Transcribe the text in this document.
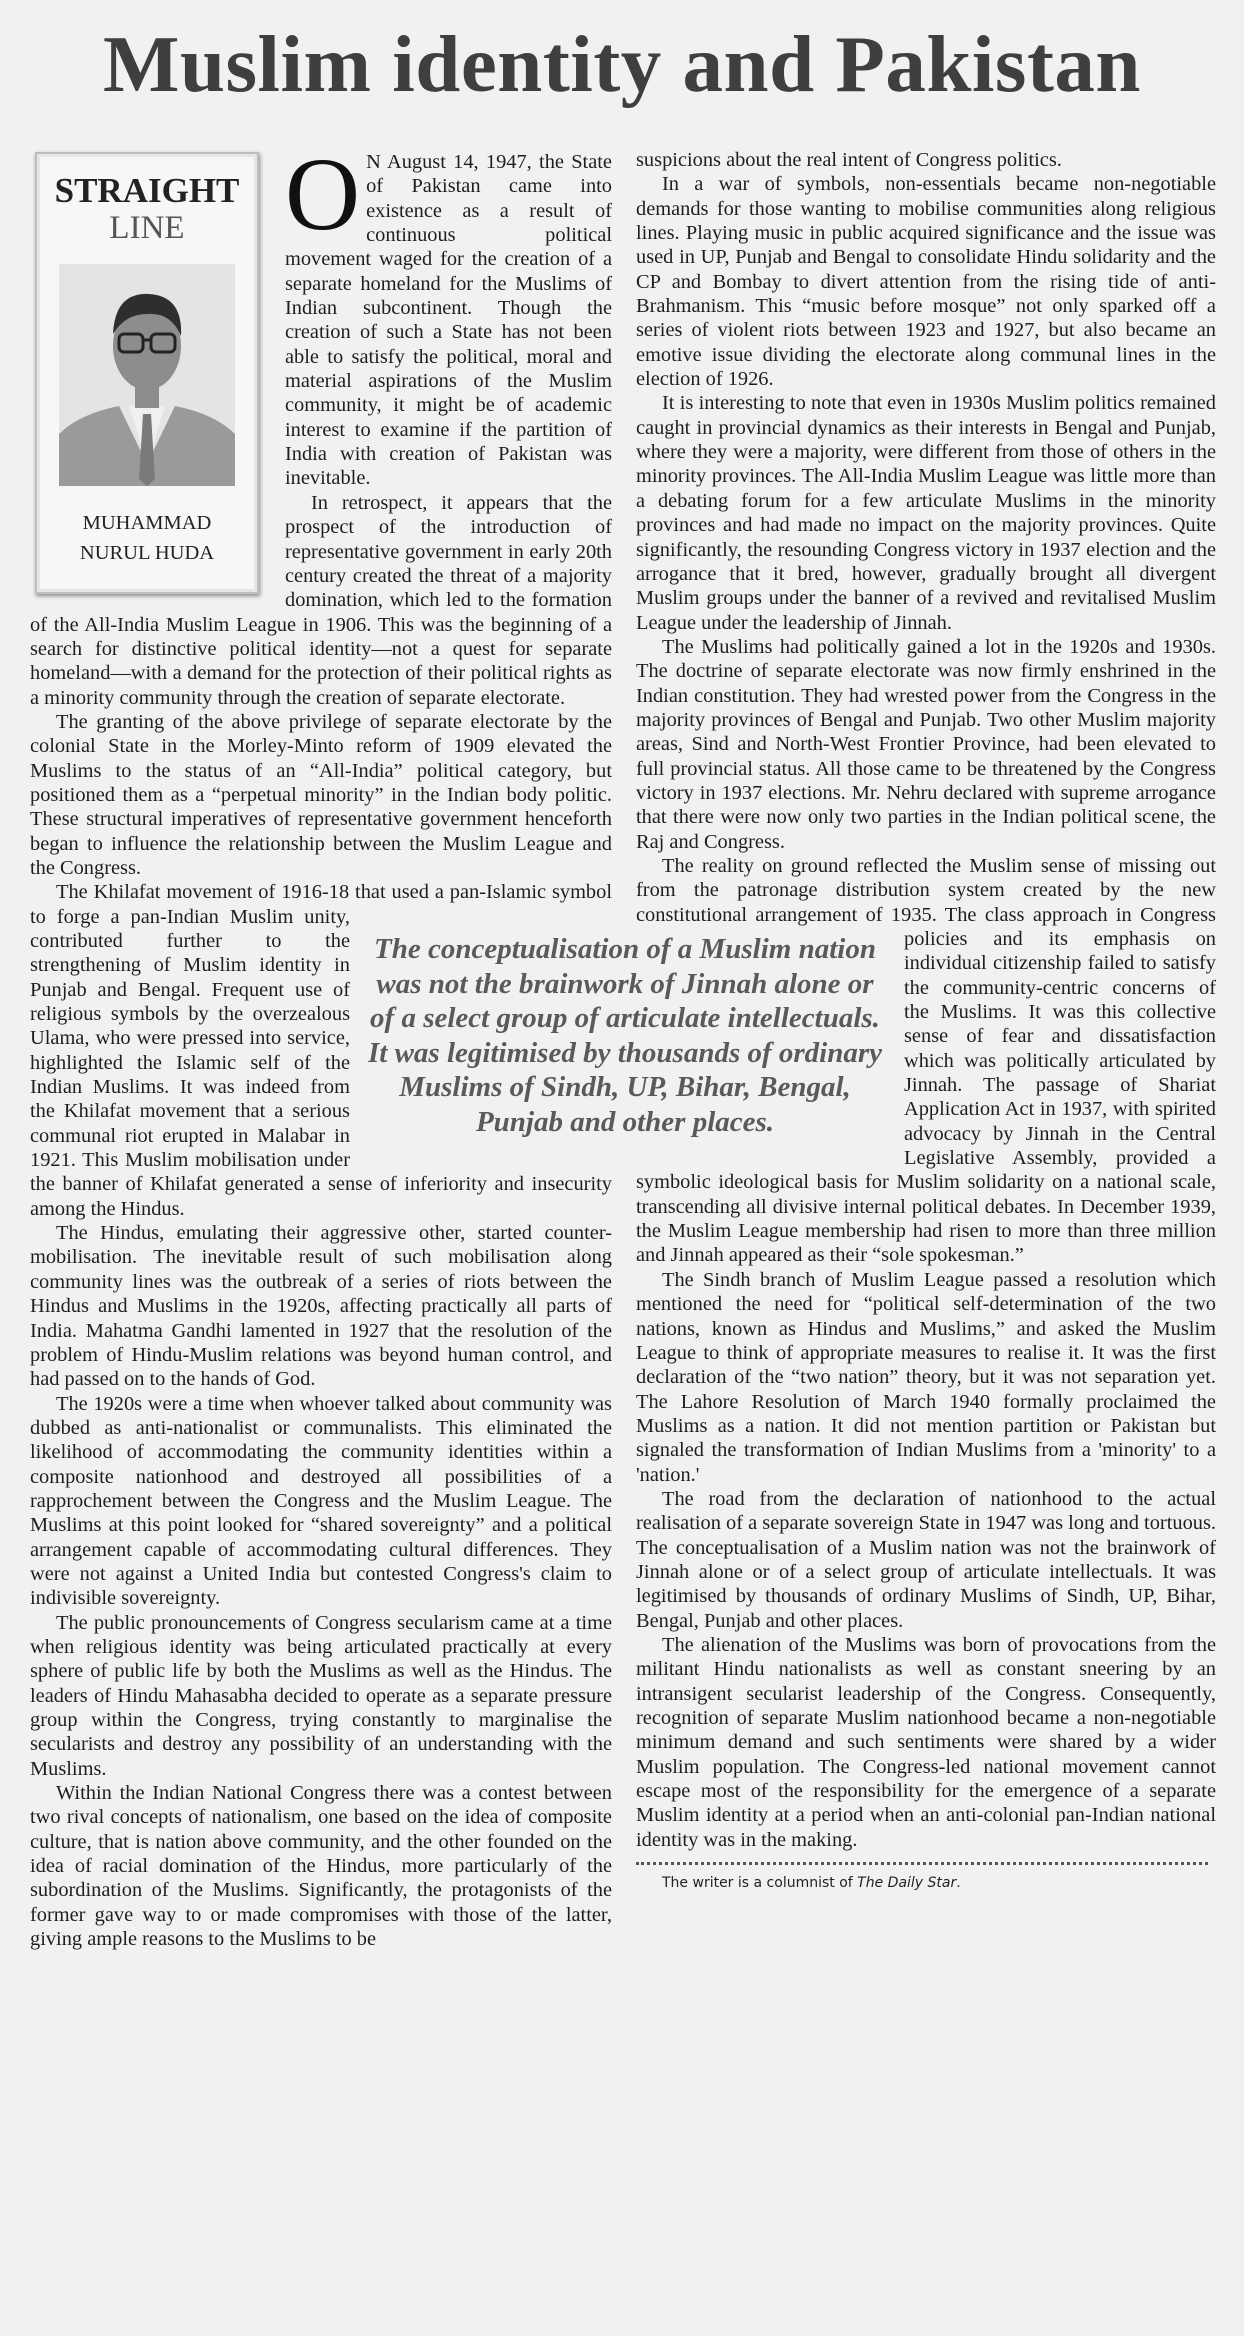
Muslim identity and Pakistan
STRAIGHT
LINE
MUHAMMAD
NURUL HUDA

O N August 14, 1947, the State of Pakistan came into existence as a result of continuous political movement waged for the creation of a separate homeland for the Muslims of Indian subcontinent. Though the creation of such a State has not been able to satisfy the political, moral and material aspirations of the Muslim community, it might be of academic interest to examine if the partition of India with creation of Pakistan was inevitable.

In retrospect, it appears that the prospect of the introduction of representative government in early 20th century created the threat of a majority domination, which led to the formation of the All-India Muslim League in 1906. This was the beginning of a search for distinctive political identity—not a quest for separate homeland—with a demand for the protection of their political rights as a minority community through the creation of separate electorate.

The granting of the above privilege of separate electorate by the colonial State in the Morley-Minto reform of 1909 elevated the Muslims to the status of an “All-India” political category, but positioned them as a “perpetual minority” in the Indian body politic. These structural imperatives of representative government henceforth began to influence the relationship between the Muslim League and the Congress.

The Khilafat movement of 1916-18 that used a pan-Islamic symbol to forge a pan-Indian Muslim unity, contributed further to the strengthening of Muslim identity in Punjab and Bengal. Frequent use of religious symbols by the overzealous Ulama, who were pressed into service, highlighted the Islamic self of the Indian Muslims. It was indeed from the Khilafat movement that a serious communal riot erupted in Malabar in 1921. This Muslim mobilisation under the banner of Khilafat generated a sense of inferiority and insecurity among the Hindus.

The Hindus, emulating their aggressive other, started counter-mobilisation. The inevitable result of such mobilisation along community lines was the outbreak of a series of riots between the Hindus and Muslims in the 1920s, affecting practically all parts of India. Mahatma Gandhi lamented in 1927 that the resolution of the problem of Hindu-Muslim relations was beyond human control, and had passed on to the hands of God.

The 1920s were a time when whoever talked about community was dubbed as anti-nationalist or communalists. This eliminated the likelihood of accommodating the community identities within a composite nationhood and destroyed all possibilities of a rapprochement between the Congress and the Muslim League. The Muslims at this point looked for “shared sovereignty” and a political arrangement capable of accommodating cultural differences. They were not against a United India but contested Congress's claim to indivisible sovereignty.

The public pronouncements of Congress secularism came at a time when religious identity was being articulated practically at every sphere of public life by both the Muslims as well as the Hindus. The leaders of Hindu Mahasabha decided to operate as a separate pressure group within the Congress, trying constantly to marginalise the secularists and destroy any possibility of an understanding with the Muslims.

Within the Indian National Congress there was a contest between two rival concepts of nationalism, one based on the idea of composite culture, that is nation above community, and the other founded on the idea of racial domination of the Hindus, more particularly of the subordination of the Muslims. Significantly, the protagonists of the former gave way to or made compromises with those of the latter, giving ample reasons to the Muslims to be

suspicions about the real intent of Congress politics.

In a war of symbols, non-essentials became non-negotiable demands for those wanting to mobilise communities along religious lines. Playing music in public acquired significance and the issue was used in UP, Punjab and Bengal to consolidate Hindu solidarity and the CP and Bombay to divert attention from the rising tide of anti-Brahmanism. This “music before mosque” not only sparked off a series of violent riots between 1923 and 1927, but also became an emotive issue dividing the electorate along communal lines in the election of 1926.

It is interesting to note that even in 1930s Muslim politics remained caught in provincial dynamics as their interests in Bengal and Punjab, where they were a majority, were different from those of others in the minority provinces. The All-India Muslim League was little more than a debating forum for a few articulate Muslims in the minority provinces and had made no impact on the majority provinces. Quite significantly, the resounding Congress victory in 1937 election and the arrogance that it bred, however, gradually brought all divergent Muslim groups under the banner of a revived and revitalised Muslim League under the leadership of Jinnah.

The Muslims had politically gained a lot in the 1920s and 1930s. The doctrine of separate electorate was now firmly enshrined in the Indian constitution. They had wrested power from the Congress in the majority provinces of Bengal and Punjab. Two other Muslim majority areas, Sind and North-West Frontier Province, had been elevated to full provincial status. All those came to be threatened by the Congress victory in 1937 elections. Mr. Nehru declared with supreme arrogance that there were now only two parties in the Indian political scene, the Raj and Congress.

The reality on ground reflected the Muslim sense of missing out from the patronage distribution system created by the new constitutional arrangement of 1935. The class approach in Congress policies and its emphasis on individual citizenship failed to satisfy the community-centric concerns of the Muslims. It was this collective sense of fear and dissatisfaction which was politically articulated by Jinnah. The passage of Shariat Application Act in 1937, with spirited advocacy by Jinnah in the Central Legislative Assembly, provided a symbolic ideological basis for Muslim solidarity on a national scale, transcending all divisive internal political debates. In December 1939, the Muslim League membership had risen to more than three million and Jinnah appeared as their “sole spokesman.”

The Sindh branch of Muslim League passed a resolution which mentioned the need for “political self-determination of the two nations, known as Hindus and Muslims,” and asked the Muslim League to think of appropriate measures to realise it. It was the first declaration of the “two nation” theory, but it was not separation yet. The Lahore Resolution of March 1940 formally proclaimed the Muslims as a nation. It did not mention partition or Pakistan but signaled the transformation of Indian Muslims from a 'minority' to a 'nation.'

The road from the declaration of nationhood to the actual realisation of a separate sovereign State in 1947 was long and tortuous. The conceptualisation of a Muslim nation was not the brainwork of Jinnah alone or of a select group of articulate intellectuals. It was legitimised by thousands of ordinary Muslims of Sindh, UP, Bihar, Bengal, Punjab and other places.

The alienation of the Muslims was born of provocations from the militant Hindu nationalists as well as constant sneering by an intransigent secularist leadership of the Congress. Consequently, recognition of separate Muslim nationhood became a non-negotiable minimum demand and such sentiments were shared by a wider Muslim population. The Congress-led national movement cannot escape most of the responsibility for the emergence of a separate Muslim identity at a period when an anti-colonial pan-Indian national identity was in the making.

The writer is a columnist of The Daily Star.

The conceptualisation of a Muslim nation was not the brainwork of Jinnah alone or of a select group of articulate intellectuals. It was legitimised by thousands of ordinary Muslims of Sindh, UP, Bihar, Bengal, Punjab and other places.
